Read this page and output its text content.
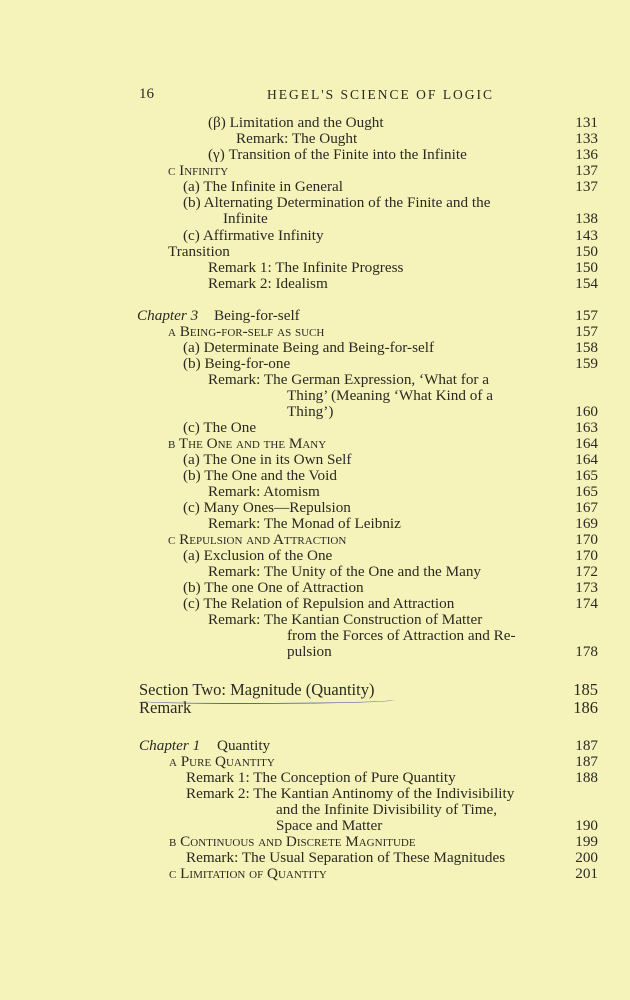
16	HEGEL'S SCIENCE OF LOGIC
(β) Limitation and the Ought	131
Remark: The Ought	133
(γ) Transition of the Finite into the Infinite	136
c Infinity	137
(a) The Infinite in General	137
(b) Alternating Determination of the Finite and the
Infinite	138
(c) Affirmative Infinity	143
Transition	150
Remark 1: The Infinite Progress	150
Remark 2: Idealism	154
Chapter 3 Being-for-self	157
a Being-for-self as such	157
(a) Determinate Being and Being-for-self	158
(b) Being-for-one	159
Remark: The German Expression, ‘What for a
Thing’ (Meaning ‘What Kind of a
Thing’)	160
(c) The One	163
b The One and the Many	164
(a) The One in its Own Self	164
(b) The One and the Void	165
Remark: Atomism	165
(c) Many Ones—Repulsion	167
Remark: The Monad of Leibniz	169
c Repulsion and Attraction	170
(a) Exclusion of the One	170
Remark: The Unity of the One and the Many	172
(b) The one One of Attraction	173
(c) The Relation of Repulsion and Attraction	174
Remark: The Kantian Construction of Matter
from the Forces of Attraction and Re-
pulsion	178
Section Two: Magnitude (Quantity)	185
Remark	186
Chapter 1 Quantity	187
a Pure Quantity	187
Remark 1: The Conception of Pure Quantity	188
Remark 2: The Kantian Antinomy of the Indivisibility
and the Infinite Divisibility of Time,
Space and Matter	190
b Continuous and Discrete Magnitude	199
Remark: The Usual Separation of These Magnitudes	200
c Limitation of Quantity	201
